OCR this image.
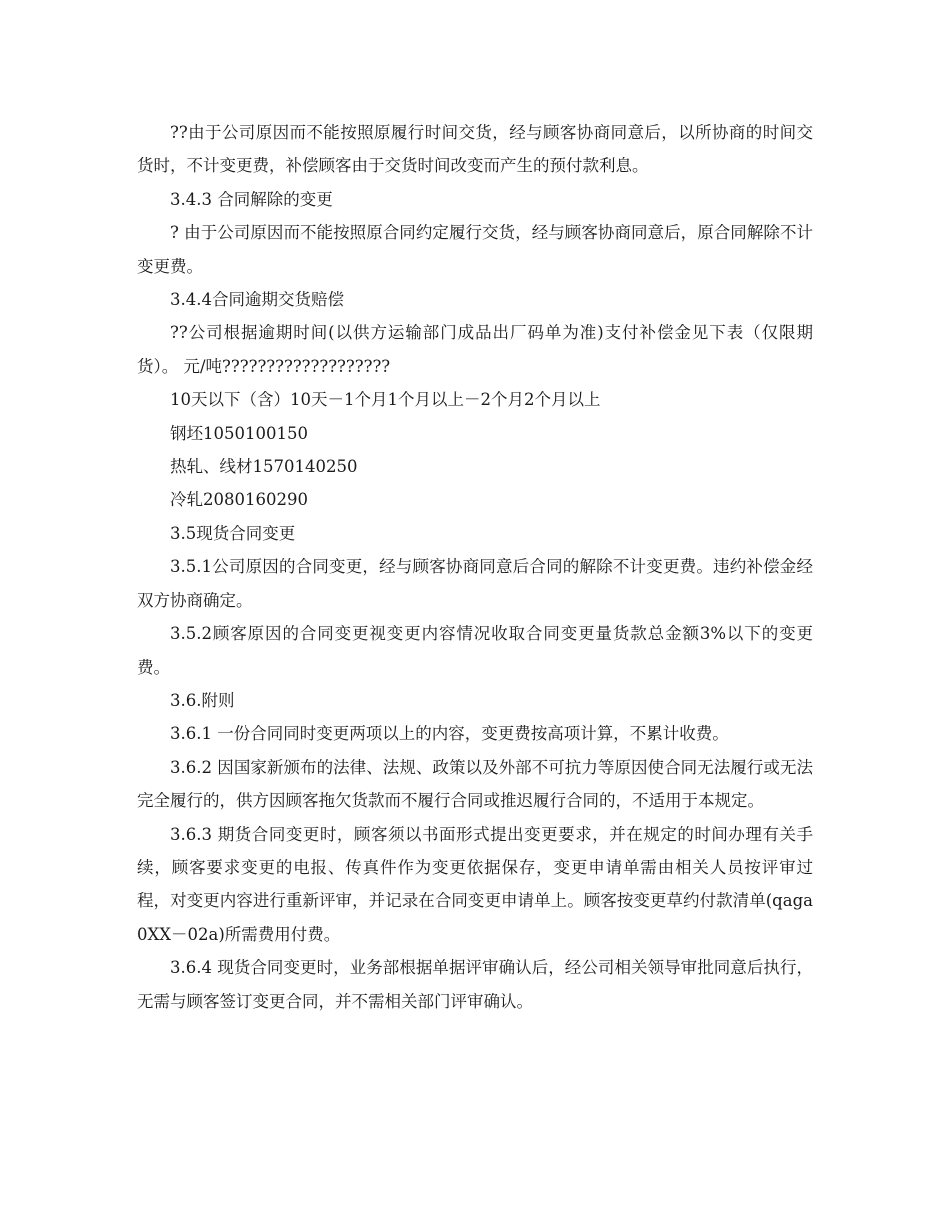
??由于公司原因而不能按照原履行时间交货，经与顾客协商同意后，以所协商的时间交货时，不计变更费，补偿顾客由于交货时间改变而产生的预付款利息。

3.4.3 合同解除的变更

? 由于公司原因而不能按照原合同约定履行交货，经与顾客协商同意后，原合同解除不计变更费。

3.4.4合同逾期交货赔偿

??公司根据逾期时间(以供方运输部门成品出厂码单为准)支付补偿金见下表（仅限期货）。 元/吨???????????????????

10天以下（含）10天－1个月1个月以上－2个月2个月以上

钢坯1050100150

热轧、线材1570140250

冷轧2080160290

3.5现货合同变更

3.5.1公司原因的合同变更，经与顾客协商同意后合同的解除不计变更费。违约补偿金经双方协商确定。

3.5.2顾客原因的合同变更视变更内容情况收取合同变更量货款总金额3%以下的变更费。

3.6.附则

3.6.1 一份合同同时变更两项以上的内容，变更费按高项计算，不累计收费。

3.6.2 因国家新颁布的法律、法规、政策以及外部不可抗力等原因使合同无法履行或无法完全履行的，供方因顾客拖欠货款而不履行合同或推迟履行合同的，不适用于本规定。

3.6.3 期货合同变更时，顾客须以书面形式提出变更要求，并在规定的时间办理有关手续，顾客要求变更的电报、传真件作为变更依据保存，变更申请单需由相关人员按评审过程，对变更内容进行重新评审，并记录在合同变更申请单上。顾客按变更草约付款清单(qaga0XX－02a)所需费用付费。

3.6.4 现货合同变更时，业务部根据单据评审确认后，经公司相关领导审批同意后执行，无需与顾客签订变更合同，并不需相关部门评审确认。
